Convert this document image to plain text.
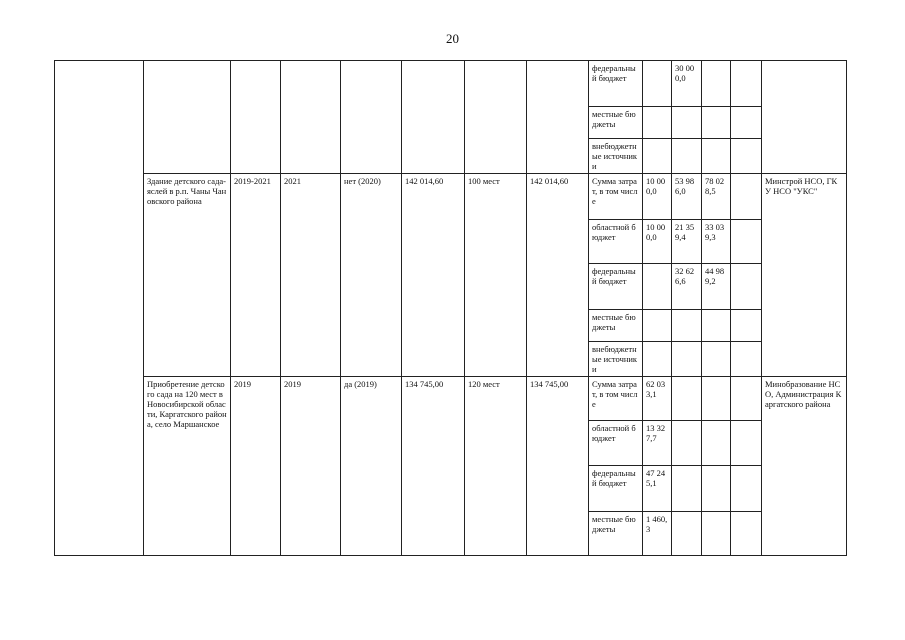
20
								федеральный бюджет		30 000,0			
								местные бюджеты					
								внебюджетные источники					
	Здание детского сада-яслей в р.п. Чаны Чановского района	2019-2021	2021	нет (2020)	142 014,60	100 мест	142 014,60	Сумма затрат, в том числе	10 000,0	53 986,0	78 028,5		Минстрой НСО, ГКУ НСО "УКС"
								областной бюджет	10 000,0	21 359,4	33 039,3		
								федеральный бюджет		32 626,6	44 989,2		
								местные бюджеты					
								внебюджетные источники					
	Приобретение детского сада на 120 мест в Новосибирской области, Каргатского района, село Маршанское	2019	2019	да (2019)	134 745,00	120 мест	134 745,00	Сумма затрат, в том числе	62 033,1				Минобразование НСО, Администрация Каргатского района
								областной бюджет	13 327,7				
								федеральный бюджет	47 245,1				
								местные бюджеты	1 460,3				
